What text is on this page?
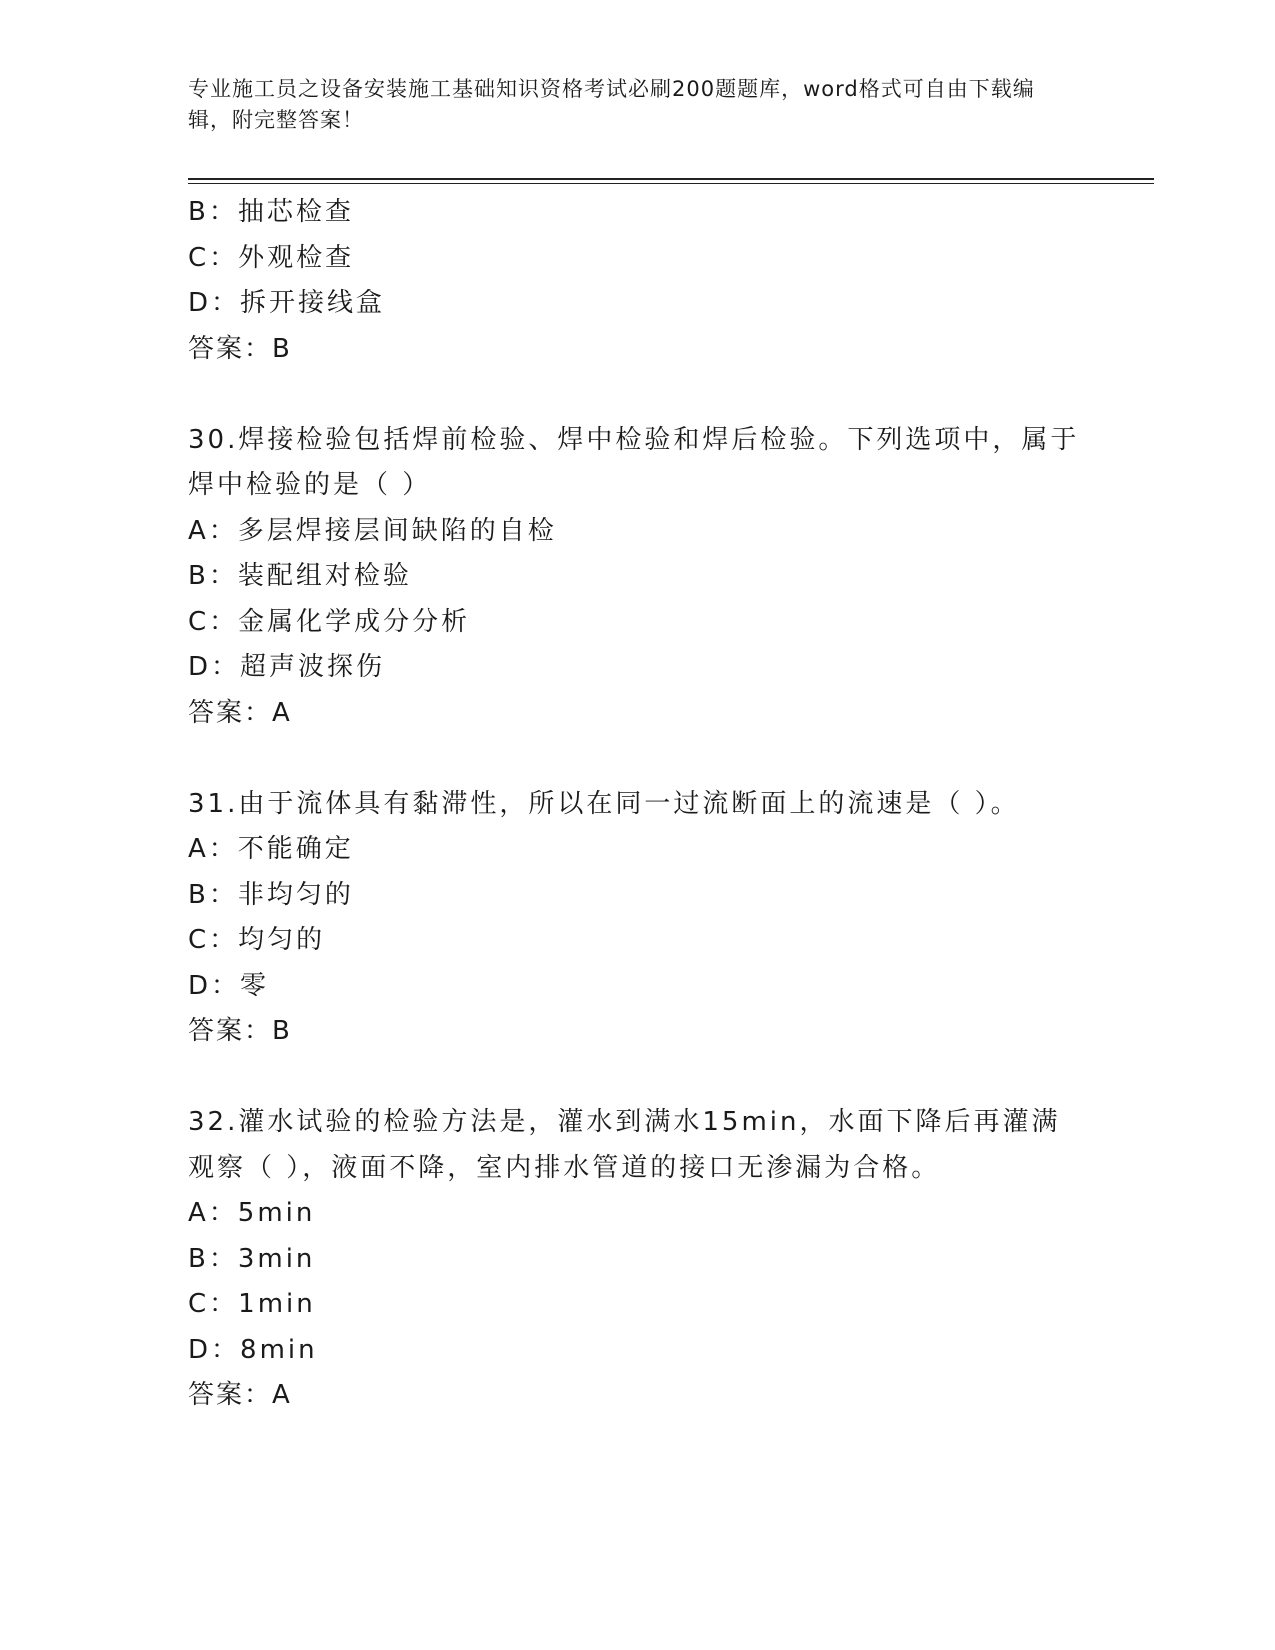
专业施工员之设备安装施工基础知识资格考试必刷200题题库，word格式可自由下载编辑，附完整答案！
B：抽芯检查
C：外观检查
D：拆开接线盒
答案：B
30.焊接检验包括焊前检验、焊中检验和焊后检验。下列选项中，属于焊中检验的是（ ）
A：多层焊接层间缺陷的自检
B：装配组对检验
C：金属化学成分分析
D：超声波探伤
答案：A
31.由于流体具有黏滞性，所以在同一过流断面上的流速是（ ）。
A：不能确定
B：非均匀的
C：均匀的
D：零
答案：B
32.灌水试验的检验方法是，灌水到满水15min，水面下降后再灌满观察（ ），液面不降，室内排水管道的接口无渗漏为合格。
A：5min
B：3min
C：1min
D：8min
答案：A
